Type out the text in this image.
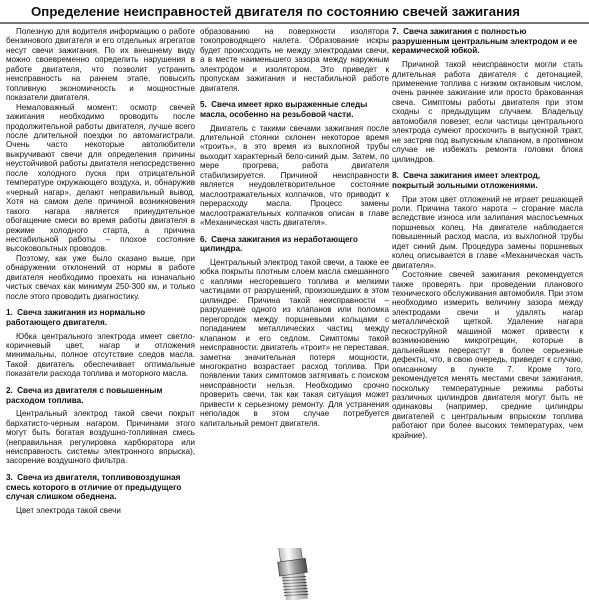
Определение неисправностей двигателя по состоянию свечей зажигания

Полезную для водителя информацию о работе бензинового двигателя и его отдельных агрегатов несут свечи зажигания. По их внешнему виду можно своевременно определить нарушения в работе двигателя, что позволит устранить неисправность на раннем этапе, повысить топливную экономичность и мощностные показатели двигателя.

Немаловажный момент: осмотр свечей зажигания необходимо проводить после продолжительной работы двигателя, лучше всего после длительной поездки по автомагистрали. Очень часто некоторые автолюбители выкручивают свечи для определения причины неустойчивой работы двигателя непосредственно после холодного пуска при отрицательной температуре окружающего воздуха, и, обнаружив «черный нагар», делают неправильный вывод. Хотя на самом деле причиной возникновения такого нагара является принудительное обогащение смеси во время работы двигателя в режиме холодного старта, а причина нестабильной работы – плохое состояние высоковольтных проводов.

Поэтому, как уже было сказано выше, при обнаружении отклонений от нормы в работе двигателя необходимо проехать на изначально чистых свечах как минимум 250-300 км, и только после этого проводить диагностику.

1. Свеча зажигания из нормально работающего двигателя.

Юбка центрального электрода имеет светло-коричневый цвет, нагар и отложения минимальны, полное отсутствие следов масла. Такой двигатель обеспечивает оптимальные показатели расхода топлива и моторного масла.

2. Свеча из двигателя с повышенным расходом топлива.

Центральный электрод такой свечи покрыт бархатисто-черным нагаром. Причинами этого могут быть богатая воздушно-топливная смесь (неправильная регулировка карбюратора или неисправность системы электронного впрыска), засорение воздушного фильтра.

3. Свеча из двигателя, топливовоздушная смесь которого в отличие от предыдущего случая слишком обеднена.

Цвет электрода такой свечи

образованию на поверхности изолятора токопроводящего налета. Образование искры будет происходить не между электродами свечи, а в месте наименьшего зазора между наружным электродом и изолятором. Это приведет к пропускам зажигания и нестабильной работе двигателя.

5. Свеча имеет ярко выраженные следы масла, особенно на резьбовой части.

Двигатель с такими свечами зажигания после длительной стоянки склонен некоторое время «троить», в это время из выхлопной трубы выходит характерный бело-синий дым. Затем, по мере прогрева, работа двигателя стабилизируется. Причиной неисправности является неудовлетворительное состояние маслоотражательных колпачков, что приводит к перерасходу масла. Процесс замены маслоотражательных колпачков описан в главе «Механическая часть двигателя».

6. Свеча зажигания из неработающего цилиндра.

Центральный электрод такой свечи, а также ее юбка покрыты плотным слоем масла смешанного с каплями несгоревшего топлива и мелкими частицами от разрушений, произошедших в этом цилиндре. Причина такой неисправности – разрушение одного из клапанов или поломка перегородок между поршневыми кольцами с попаданием металлических частиц между клапаном и его седлом. Симптомы такой неисправности: двигатель «троит» не переставая, заметна значительная потеря мощности, многократно возрастает расход топлива. При появлении таких симптомов затягивать с поиском неисправности нельзя. Необходимо срочно проверить свечи, так как такая ситуация может привести к серьезному ремонту. Для устранения неполадок в этом случае потребуется капитальный ремонт двигателя.

7. Свеча зажигания с полностью разрушенным центральным электродом и ее керамической юбкой.

Причиной такой неисправности могли стать длительная работа двигателя с детонацией, применение топлива с низким октановым числом, очень раннее зажигание или просто бракованная свеча. Симптомы работы двигателя при этом сходны с предыдущим случаем. Владельцу автомобиля повезет, если частицы центрального электрода сумеют проскочить в выпускной тракт, не застряв под выпускным клапаном, в противном случае не избежать ремонта головки блока цилиндров.

8. Свеча зажигания имеет электрод, покрытый зольными отложениями.

При этом цвет отложений не играет решающей роли. Причина такого нарота – сгорание масла вследствие износа или залипания маслосъемных поршневых колец. На двигателе наблюдается повышенный расход масла, из выхлопной трубы идет синий дым. Процедура замены поршневых колец описывается в главе «Механическая часть двигателя».

Состояние свечей зажигания рекомендуется также проверять при проведении планового технического обслуживания автомобиля. При этом необходимо измерить величину зазора между электродами свечи и удалять нагар металлической щеткой. Удаление нагара пескоструйной машиной может привести к возникновению микротрещин, которые в дальнейшем перерастут в более серьезные дефекты, что, в свою очередь, приведет к случаю, описанному в пункте 7. Кроме того, рекомендуется менять местами свечи зажигания, поскольку температурные режимы работы различных цилиндров двигателя могут быть не одинаковы (например, средние цилиндры двигателей с центральным впрыском топлива работают при более высоких температурах, чем крайние).
